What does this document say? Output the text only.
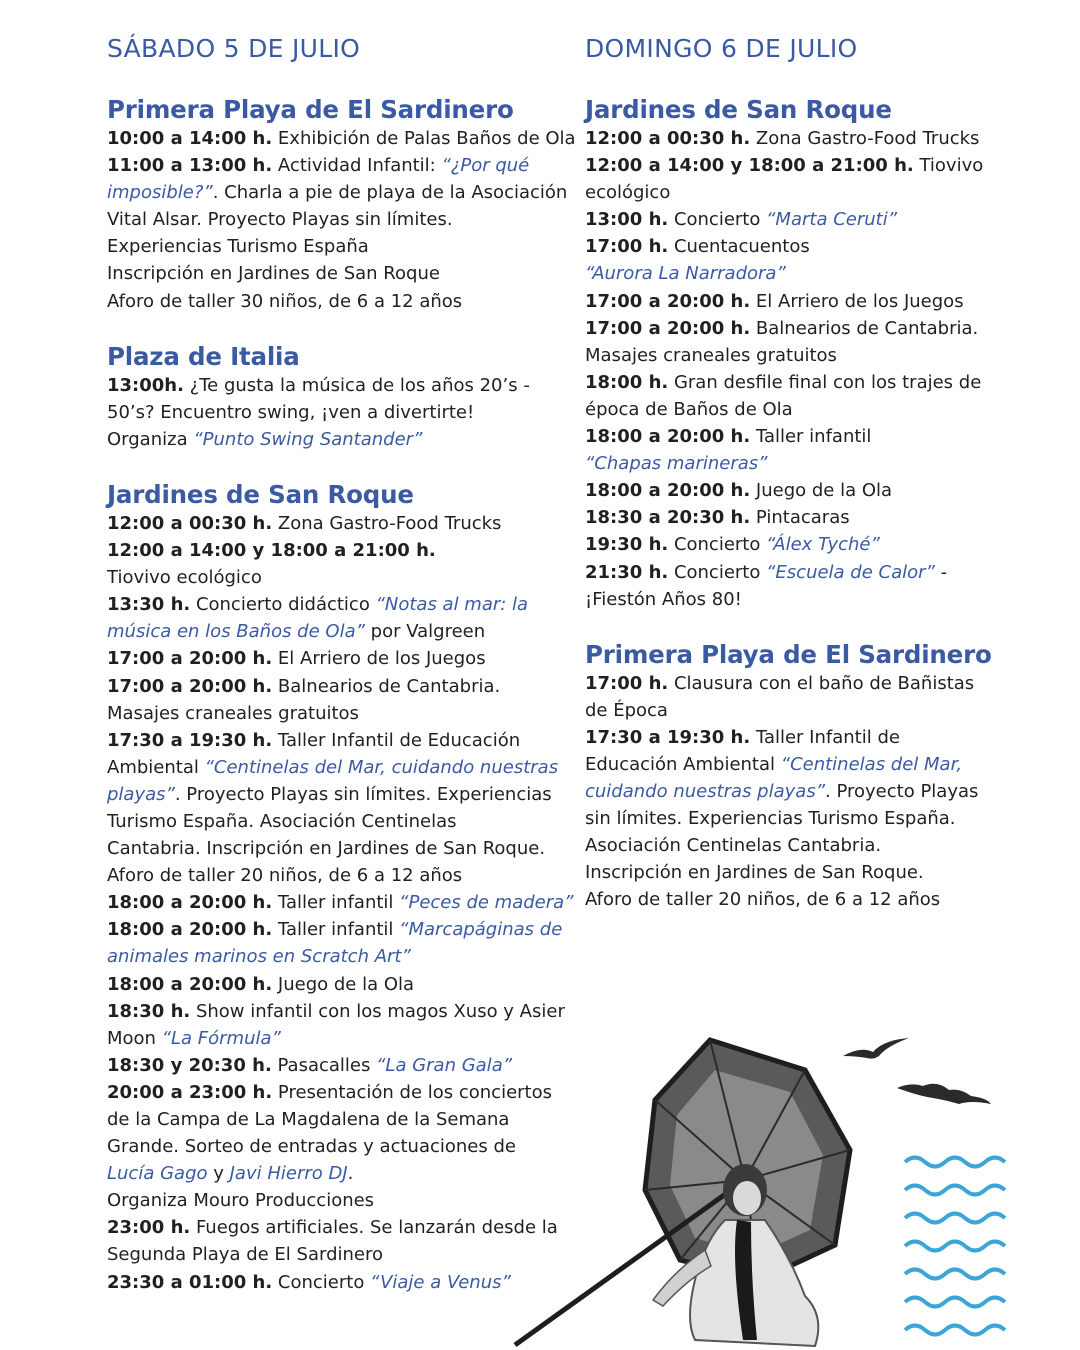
SÁBADO 5 DE JULIO
Primera Playa de El Sardinero
10:00 a 14:00 h. Exhibición de Palas Baños de Ola
11:00 a 13:00 h. Actividad Infantil: “¿Por qué
imposible?”. Charla a pie de playa de la Asociación
Vital Alsar. Proyecto Playas sin límites.
Experiencias Turismo España
Inscripción en Jardines de San Roque
Aforo de taller 30 niños, de 6 a 12 años
Plaza de Italia
13:00h. ¿Te gusta la música de los años 20’s -
50’s? Encuentro swing, ¡ven a divertirte!
Organiza “Punto Swing Santander”
Jardines de San Roque
12:00 a 00:30 h. Zona Gastro-Food Trucks
12:00 a 14:00 y 18:00 a 21:00 h.
Tiovivo ecológico
13:30 h. Concierto didáctico “Notas al mar: la
música en los Baños de Ola” por Valgreen
17:00 a 20:00 h. El Arriero de los Juegos
17:00 a 20:00 h. Balnearios de Cantabria.
Masajes craneales gratuitos
17:30 a 19:30 h. Taller Infantil de Educación
Ambiental “Centinelas del Mar, cuidando nuestras
playas”. Proyecto Playas sin límites. Experiencias
Turismo España. Asociación Centinelas
Cantabria. Inscripción en Jardines de San Roque.
Aforo de taller 20 niños, de 6 a 12 años
18:00 a 20:00 h. Taller infantil “Peces de madera”
18:00 a 20:00 h. Taller infantil “Marcapáginas de
animales marinos en Scratch Art”
18:00 a 20:00 h. Juego de la Ola
18:30 h. Show infantil con los magos Xuso y Asier
Moon “La Fórmula”
18:30 y 20:30 h. Pasacalles “La Gran Gala”
20:00 a 23:00 h. Presentación de los conciertos
de la Campa de La Magdalena de la Semana
Grande. Sorteo de entradas y actuaciones de
Lucía Gago y Javi Hierro DJ.
Organiza Mouro Producciones
23:00 h. Fuegos artificiales. Se lanzarán desde la
Segunda Playa de El Sardinero
23:30 a 01:00 h. Concierto “Viaje a Venus”
DOMINGO 6 DE JULIO
Jardines de San Roque
12:00 a 00:30 h. Zona Gastro-Food Trucks
12:00 a 14:00 y 18:00 a 21:00 h. Tiovivo
ecológico
13:00 h. Concierto “Marta Ceruti”
17:00 h. Cuentacuentos
“Aurora La Narradora”
17:00 a 20:00 h. El Arriero de los Juegos
17:00 a 20:00 h. Balnearios de Cantabria.
Masajes craneales gratuitos
18:00 h. Gran desfile final con los trajes de
época de Baños de Ola
18:00 a 20:00 h. Taller infantil
“Chapas marineras”
18:00 a 20:00 h. Juego de la Ola
18:30 a 20:30 h. Pintacaras
19:30 h. Concierto “Álex Tyché”
21:30 h. Concierto “Escuela de Calor” -
¡Fiestón Años 80!
Primera Playa de El Sardinero
17:00 h. Clausura con el baño de Bañistas
de Época
17:30 a 19:30 h. Taller Infantil de
Educación Ambiental “Centinelas del Mar,
cuidando nuestras playas”. Proyecto Playas
sin límites. Experiencias Turismo España.
Asociación Centinelas Cantabria.
Inscripción en Jardines de San Roque.
Aforo de taller 20 niños, de 6 a 12 años
